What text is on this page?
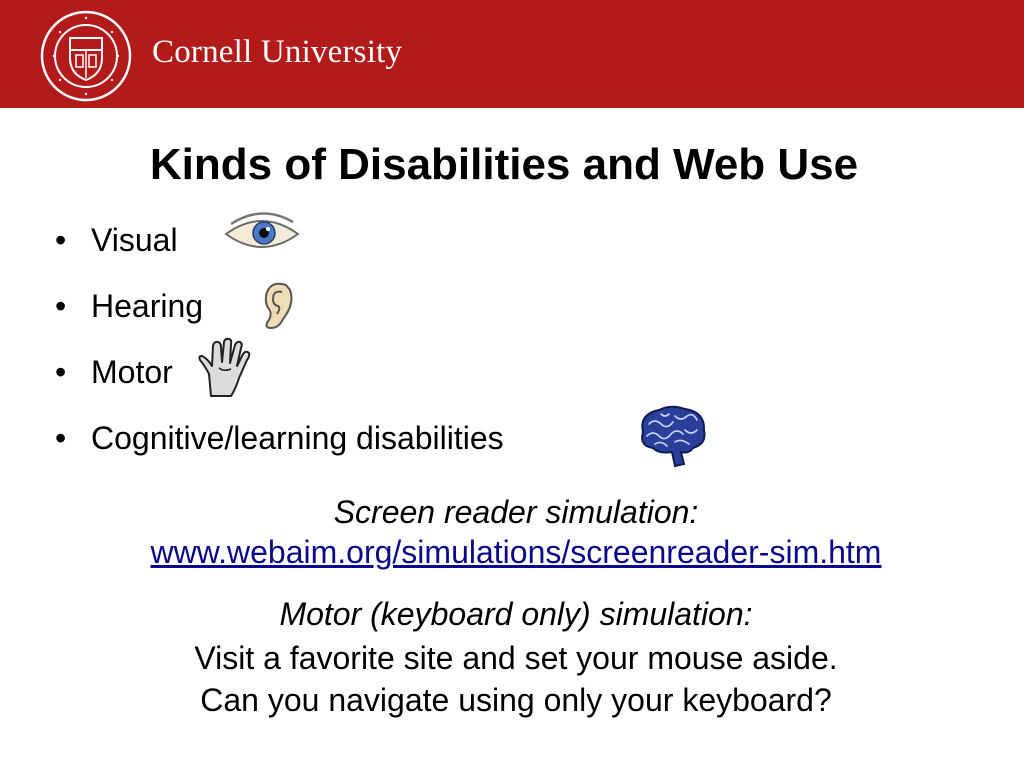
Cornell University
Kinds of Disabilities and Web Use
• Visual
• Hearing
• Motor
• Cognitive/learning disabilities
Screen reader simulation:
www.webaim.org/simulations/screenreader-sim.htm
Motor (keyboard only) simulation:
Visit a favorite site and set your mouse aside.
Can you navigate using only your keyboard?
